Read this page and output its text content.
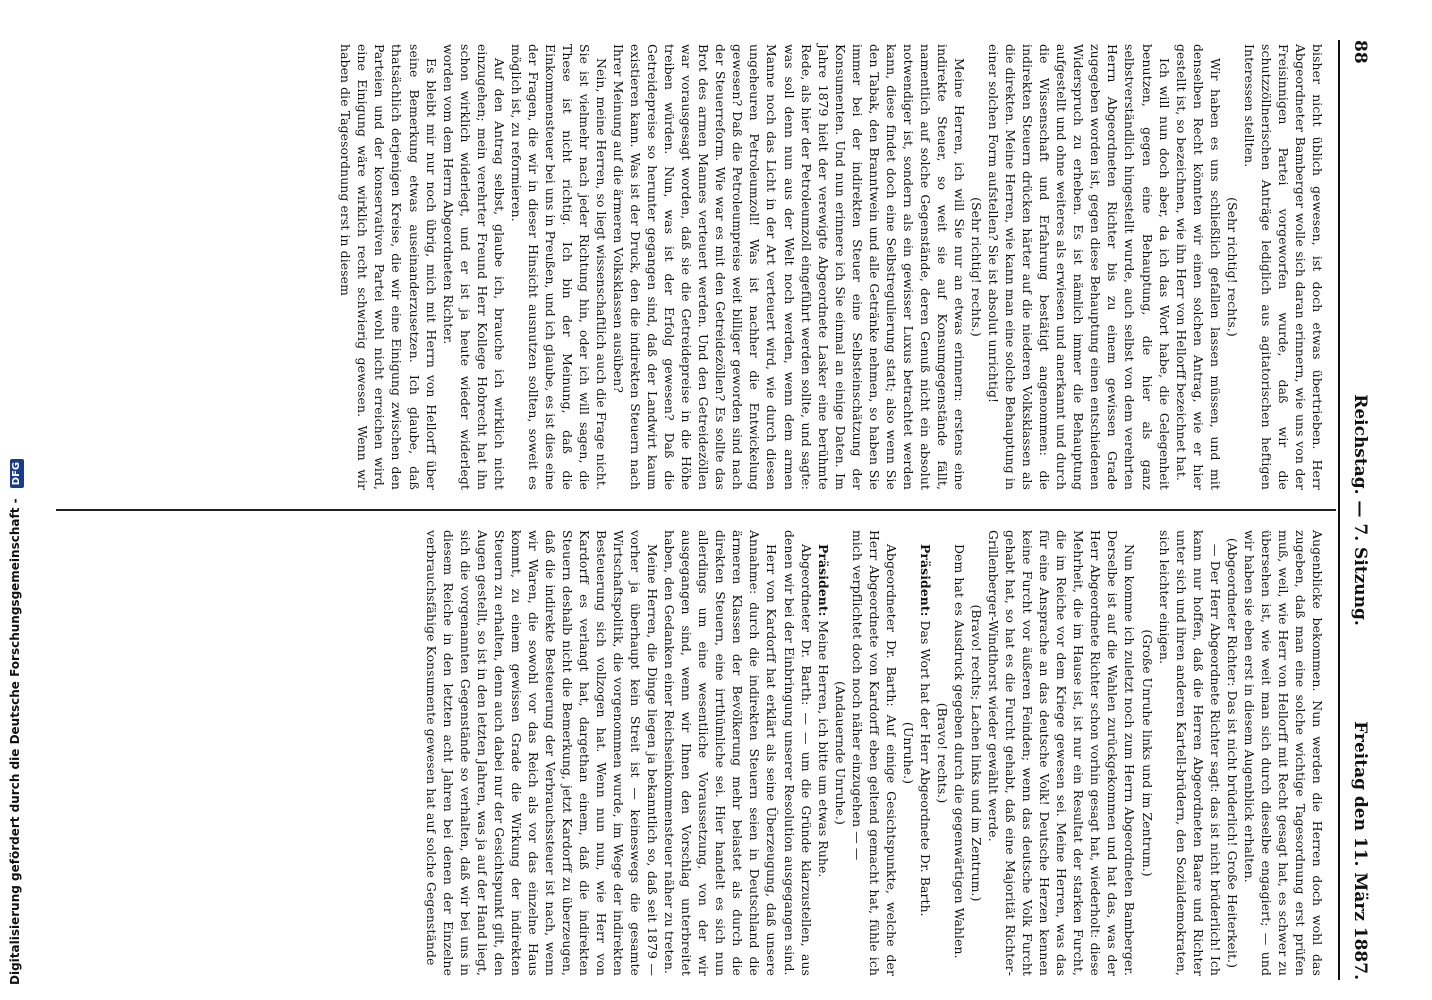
88
Reichstag. — 7. Sitzung.
Freitag den 11. März 1887.

bisher nicht üblich gewesen, ist doch etwas übertrieben. Herr Abgeordneter Bamberger wolle sich daran erinnern, wie uns von der Freisinnigen Partei vorgeworfen wurde, daß wir die schutzzöllnerischen Anträge lediglich aus agitatorischen heftigen Interessen stellten.

(Sehr richtig! rechts.)

Wir haben es uns schließlich gefallen lassen müssen, und mit denselben Recht könnten wir einen solchen Antrag, wie er hier gestellt ist, so bezeichnen, wie ihn Herr von Hellorff bezeichnet hat.

Ich will nun doch aber, da ich das Wort habe, die Gelegenheit benutzen, gegen eine Behauptung, die hier als ganz selbstverständlich hingestellt wurde, auch selbst von dem verehrten Herrn Abgeordneten Richter bis zu einem gewissen Grade zugegeben worden ist, gegen diese Behauptung einen entschiedenen Widerspruch zu erheben. Es ist nämlich immer die Behauptung aufgestellt und ohne weiteres als erwiesen und anerkannt und durch die Wissenschaft und Erfahrung bestätigt angenommen: die indirekten Steuern drücken härter auf die niederen Volksklassen als die direkten. Meine Herren, wie kann man eine solche Behauptung in einer solchen Form aufstellen? Sie ist absolut unrichtig!

(Sehr richtig! rechts.)

Meine Herren, ich will Sie nur an etwas erinnern: erstens eine indirekte Steuer, so weit sie auf Konsumgegenstände fällt, namentlich auf solche Gegenstände, deren Genuß nicht ein absolut notwendiger ist, sondern als ein gewisser Luxus betrachtet werden kann, diese findet doch eine Selbstregulierung statt; also wenn Sie den Tabak, den Branntwein und alle Getränke nehmen, so haben Sie immer bei der indirekten Steuer eine Selbsteinschätzung der Konsumenten. Und nun erinnere ich Sie einmal an einige Daten. Im Jahre 1879 hielt der verewigte Abgeordnete Lasker eine berühmte Rede, als hier der Petroleumzoll eingeführt werden sollte, und sagte: was soll denn nun aus der Welt noch werden, wenn dem armen Manne noch das Licht in der Art verteuert wird, wie durch diesen ungeheuren Petroleumzoll! Was ist nachher die Entwickelung gewesen? Daß die Petroleumpreise weit billiger geworden sind nach der Steuerreform. Wie war es mit den Getreidezöllen? Es sollte das Brot des armen Mannes verteuert werden. Und den Getreidezöllen war vorausgesagt worden, daß sie die Getreidepreise in die Höhe treiben würden. Nun, was ist der Erfolg gewesen? Daß die Getreidepreise so herunter gegangen sind, daß der Landwirt kaum existieren kann. Was ist der Druck, den die indirekten Steuern nach Ihrer Meinung auf die ärmeren Volksklassen ausüben?

Nein, meine Herren, so liegt wissenschaftlich auch die Frage nicht. Sie ist vielmehr nach jeder Richtung hin, oder ich will sagen, die These ist nicht richtig. Ich bin der Meinung, daß die Einkommensteuer bei uns in Preußen, und ich glaube, es ist dies eine der Fragen, die wir in dieser Hinsicht ausnutzen sollten, soweit es möglich ist, zu reformieren.

Auf den Antrag selbst, glaube ich, brauche ich wirklich nicht einzugehen; mein verehrter Freund Herr Kollege Hobrecht hat ihn schon wirklich widerlegt, und er ist ja heute wieder widerlegt worden vom dem Herrn Abgeordneten Richter.

Es bleibt mir nur noch übrig, mich mit Herrn von Hellorff über seine Bemerkung etwas auseinanderzusetzen. Ich glaube, daß thatsächlich derjenigen Kreise, die wir eine Einigung zwischen den Parteien und der konservativen Partei wohl nicht erreichen wird, eine Einigung wäre wirklich recht schwierig gewesen. Wenn wir haben die Tagesordnung erst in diesem

Augenblicke bekommen. Nun werden die Herren doch wohl das zugeben, daß man eine solche wichtige Tagesordnung erst prüfen muß, weil, wie Herr von Hellorff mit Recht gesagt hat, es schwer zu übersehen ist, wie weit man sich durch dieselbe engagiert; — und wir haben sie eben erst in diesem Augenblick erhalten.

(Abgeordneter Richter: Das ist nicht brüderlich! Große Heiterkeit.)

— Der Herr Abgeordnete Richter sagt: das ist nicht brüderlich! Ich kann nur hoffen, daß die Herren Abgeordneten Baare und Richter unter sich und ihren anderen Kartell-brüdern, den Sozialdemokraten, sich leichter einigen.

(Große Unruhe links und im Zentrum.)

Nun komme ich zuletzt noch zum Herrn Abgeordneten Bamberger. Derselbe ist auf die Wahlen zurückgekommen und hat das, was der Herr Abgeordnete Richter schon vorhin gesagt hat, wiederholt: diese Mehrheit, die im Hause ist, ist nur ein Resultat der starken Furcht, die im Reiche vor dem Kriege gewesen sei. Meine Herren, was das für eine Ansprache an das deutsche Volk! Deutsche Herzen kennen keine Furcht vor äußeren Feinden; wenn das deutsche Volk Furcht gehabt hat, so hat es die Furcht gehabt, daß eine Majorität Richter-Grillenberger-Windthorst wieder gewählt werde.

(Bravo! rechts; Lachen links und im Zentrum.)

Dem hat es Ausdruck gegeben durch die gegenwärtigen Wahlen.

(Bravo! rechts.)

Präsident: Das Wort hat der Herr Abgeordnete Dr. Barth.

(Unruhe.)

Abgeordneter Dr. Barth: Auf einige Gesichtspunkte, welche der Herr Abgeordnete von Kardorff eben geltend gemacht hat, fühle ich mich verpflichtet doch noch näher einzugehen — —

(Andauernde Unruhe.)

Präsident: Meine Herren, ich bitte um etwas Ruhe.

Abgeordneter Dr. Barth: — — um die Gründe klarzustellen, aus denen wir bei der Einbringung unserer Resolution ausgegangen sind.

Herr von Kardorff hat erklärt als seine Überzeugung, daß unsere Annahme: durch die indirekten Steuern seien in Deutschland die ärmeren Klassen der Bevölkerung mehr belastet als durch die direkten Steuern, eine irrthümliche sei. Hier handelt es sich nun allerdings um eine wesentliche Voraussetzung, von der wir ausgegangen sind, wenn wir Ihnen den Vorschlag unterbreitet haben, den Gedanken einer Reichseinkommensteuer näher zu treten.

Meine Herren, die Dinge liegen ja bekanntlich so, daß seit 1879 — vorher ja überhaupt kein Streit ist — keineswegs die gesamte Wirtschaftspolitik, die vorgenommen wurde, im Wege der indirekten Besteuerung sich vollzogen hat. Wenn nun nun, wie Herr von Kardorff es verlangt hat, dargethan einem, daß die indirekten Steuern deshalb nicht die Bemerkung, jetzt Kardorff zu überzeugen, daß die indirekte Besteuerung der Verbrauchssteuer ist nach, wenn wir Waren, die sowohl vor das Reich als vor das einzelne Haus kommt, zu einem gewissen Grade die Wirkung der indirekten Steuern zu erhalten, denn auch dabei nur der Gesichtspunkt gilt, den Augen gestellt, so ist in den letzten Jahren, was ja auf der Hand liegt, sich die vorgenannten Gegenstände so verhalten, daß wir bei uns in diesem Reiche in den letzten acht Jahren bei denen der Einzelne verbrauchsfähige Konsumente gewesen hat auf solche Gegenstände

Digitalisierung gefördert durch die Deutsche Forschungsgemeinschaft - DFG
